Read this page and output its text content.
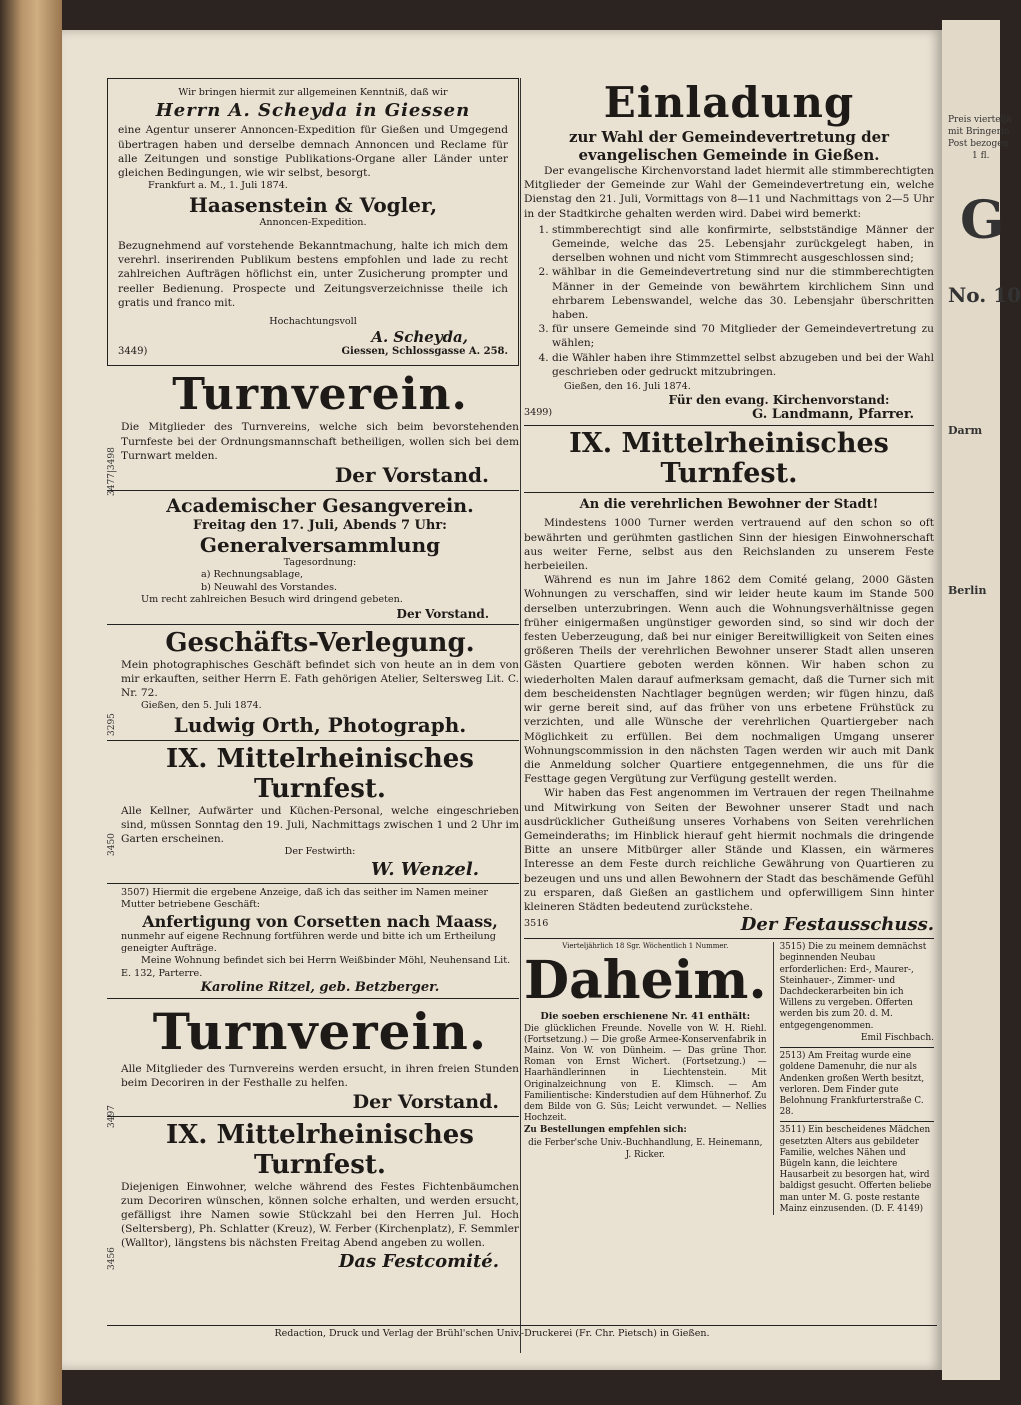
Wir bringen hiermit zur allgemeinen Kenntniß, daß wir
Herrn A. Scheyda in Giessen
eine Agentur unserer Annoncen-Expedition für Gießen und Umgegend übertragen haben und derselbe demnach Annoncen und Reclame für alle Zeitungen und sonstige Publikations-Organe aller Länder unter gleichen Bedingungen, wie wir selbst, besorgt.
Frankfurt a. M., 1. Juli 1874.
Haasenstein & Vogler,
Annoncen-Expedition.
Bezugnehmend auf vorstehende Bekanntmachung, halte ich mich dem verehrl. inserirenden Publikum bestens empfohlen und lade zu recht zahlreichen Aufträgen höflichst ein, unter Zusicherung prompter und reeller Bedienung. Prospecte und Zeitungsverzeichnisse theile ich gratis und franco mit.
Hochachtungsvoll
A. Scheyda,
3449)	Giessen, Schlossgasse A. 258.
3477|3498
Turnverein.
Die Mitglieder des Turnvereins, welche sich beim bevorstehenden Turnfeste bei der Ordnungsmannschaft betheiligen, wollen sich bei dem Turnwart melden.
Der Vorstand.
Academischer Gesangverein.
Freitag den 17. Juli, Abends 7 Uhr:
Generalversammlung
Tagesordnung:
a) Rechnungsablage,
b) Neuwahl des Vorstandes.
Um recht zahlreichen Besuch wird dringend gebeten.
Der Vorstand.
3295
Geschäfts-Verlegung.
Mein photographisches Geschäft befindet sich von heute an in dem von mir erkauften, seither Herrn E. Fath gehörigen Atelier, Seltersweg Lit. C. Nr. 72.
Gießen, den 5. Juli 1874.
Ludwig Orth, Photograph.
3450
IX. Mittelrheinisches Turnfest.
Alle Kellner, Aufwärter und Küchen-Personal, welche eingeschrieben sind, müssen Sonntag den 19. Juli, Nachmittags zwischen 1 und 2 Uhr im Garten erscheinen.
Der Festwirth:
W. Wenzel.
3507) Hiermit die ergebene Anzeige, daß ich das seither im Namen meiner Mutter betriebene Geschäft:
Anfertigung von Corsetten nach Maass,
nunmehr auf eigene Rechnung fortführen werde und bitte ich um Ertheilung geneigter Aufträge.
Meine Wohnung befindet sich bei Herrn Weißbinder Möhl, Neuhensand Lit. E. 132, Parterre.
Karoline Ritzel, geb. Betzberger.
3497
Turnverein.
Alle Mitglieder des Turnvereins werden ersucht, in ihren freien Stunden beim Decoriren in der Festhalle zu helfen.
Der Vorstand.
3456
IX. Mittelrheinisches Turnfest.
Diejenigen Einwohner, welche während des Festes Fichtenbäumchen zum Decoriren wünschen, können solche erhalten, und werden ersucht, gefälligst ihre Namen sowie Stückzahl bei den Herren Jul. Hoch (Seltersberg), Ph. Schlatter (Kreuz), W. Ferber (Kirchenplatz), F. Semmler (Walltor), längstens bis nächsten Freitag Abend angeben zu wollen.
Das Festcomité.
Einladung
zur Wahl der Gemeindevertretung der evangelischen Gemeinde in Gießen.
Der evangelische Kirchenvorstand ladet hiermit alle stimmberechtigten Mitglieder der Gemeinde zur Wahl der Gemeindevertretung ein, welche Dienstag den 21. Juli, Vormittags von 8—11 und Nachmittags von 2—5 Uhr in der Stadtkirche gehalten werden wird. Dabei wird bemerkt:
1. stimmberechtigt sind alle konfirmirte, selbstständige Männer der Gemeinde, welche das 25. Lebensjahr zurückgelegt haben, in derselben wohnen und nicht vom Stimmrecht ausgeschlossen sind;
2. wählbar in die Gemeindevertretung sind nur die stimmberechtigten Männer in der Gemeinde von bewährtem kirchlichem Sinn und ehrbarem Lebenswandel, welche das 30. Lebensjahr überschritten haben.
3. für unsere Gemeinde sind 70 Mitglieder der Gemeindevertretung zu wählen;
4. die Wähler haben ihre Stimmzettel selbst abzugeben und bei der Wahl geschrieben oder gedruckt mitzubringen.
Gießen, den 16. Juli 1874.
Für den evang. Kirchenvorstand:
3499)	G. Landmann, Pfarrer.
IX. Mittelrheinisches Turnfest.
An die verehrlichen Bewohner der Stadt!
Mindestens 1000 Turner werden vertrauend auf den schon so oft bewährten und gerühmten gastlichen Sinn der hiesigen Einwohnerschaft aus weiter Ferne, selbst aus den Reichslanden zu unserem Feste herbeieilen.
Während es nun im Jahre 1862 dem Comité gelang, 2000 Gästen Wohnungen zu verschaffen, sind wir leider heute kaum im Stande 500 derselben unterzubringen. Wenn auch die Wohnungsverhältnisse gegen früher einigermaßen ungünstiger geworden sind, so sind wir doch der festen Ueberzeugung, daß bei nur einiger Bereitwilligkeit von Seiten eines größeren Theils der verehrlichen Bewohner unserer Stadt allen unseren Gästen Quartiere geboten werden können. Wir haben schon zu wiederholten Malen darauf aufmerksam gemacht, daß die Turner sich mit dem bescheidensten Nachtlager begnügen werden; wir fügen hinzu, daß wir gerne bereit sind, auf das früher von uns erbetene Frühstück zu verzichten, und alle Wünsche der verehrlichen Quartiergeber nach Möglichkeit zu erfüllen. Bei dem nochmaligen Umgang unserer Wohnungscommission in den nächsten Tagen werden wir auch mit Dank die Anmeldung solcher Quartiere entgegennehmen, die uns für die Festtage gegen Vergütung zur Verfügung gestellt werden.
Wir haben das Fest angenommen im Vertrauen der regen Theilnahme und Mitwirkung von Seiten der Bewohner unserer Stadt und nach ausdrücklicher Gutheißung unseres Vorhabens von Seiten verehrlichen Gemeinderaths; im Hinblick hierauf geht hiermit nochmals die dringende Bitte an unsere Mitbürger aller Stände und Klassen, ein wärmeres Interesse an dem Feste durch reichliche Gewährung von Quartieren zu bezeugen und uns und allen Bewohnern der Stadt das beschämende Gefühl zu ersparen, daß Gießen an gastlichem und opferwilligem Sinn hinter kleineren Städten bedeutend zurückstehe.
3516	Der Festausschuss.
Vierteljährlich 18 Sgr. Wöchentlich 1 Nummer.
Daheim.
Die soeben erschienene Nr. 41 enthält:
Die glücklichen Freunde. Novelle von W. H. Riehl. (Fortsetzung.) — Die große Armee-Konservenfabrik in Mainz. Von W. von Dünheim. — Das grüne Thor. Roman von Ernst Wichert. (Fortsetzung.) — Haarhändlerinnen in Liechtenstein. Mit Originalzeichnung von E. Klimsch. — Am Familientische: Kinderstudien auf dem Hühnerhof. Zu dem Bilde von G. Süs; Leicht verwundet. — Nellies Hochzeit.
Zu Bestellungen empfehlen sich:
die Ferber'sche Univ.-Buchhandlung, E. Heinemann, J. Ricker.
3515) Die zu meinem demnächst beginnenden Neubau erforderlichen: Erd-, Maurer-, Steinhauer-, Zimmer- und Dachdeckerarbeiten bin ich Willens zu vergeben. Offerten werden bis zum 20. d. M. entgegengenommen.
Emil Fischbach.
2513) Am Freitag wurde eine goldene Damenuhr, die nur als Andenken großen Werth besitzt, verloren. Dem Finder gute Belohnung Frankfurterstraße C. 28.
3511) Ein bescheidenes Mädchen gesetzten Alters aus gebildeter Familie, welches Nähen und Bügeln kann, die leichtere Hausarbeit zu besorgen hat, wird baldigst gesucht. Offerten beliebe man unter M. G. poste restante Mainz einzusenden. (D. F. 4149)
Redaction, Druck und Verlag der Brühl'schen Univ.-Druckerei (Fr. Chr. Pietsch) in Gießen.
Preis vierteljä
mit Bringerlo
Post bezogen
1 fl.
G
No. 10
Darm
Berlin
